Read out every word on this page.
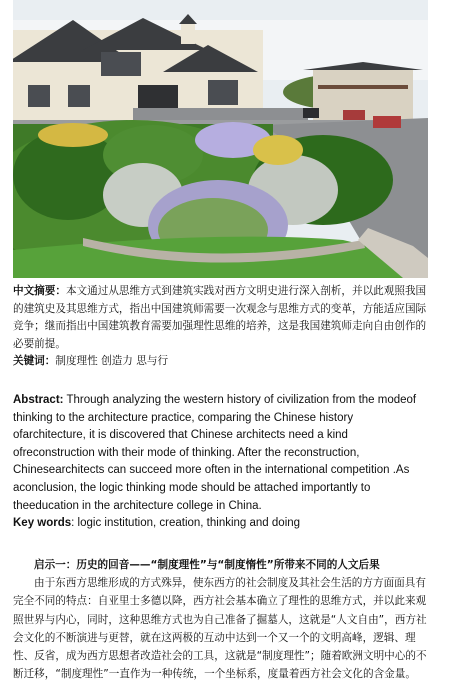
中文摘要：本文通过从思维方式到建筑实践对西方文明史进行深入剖析，并以此观照我国的建筑史及其思维方式，指出中国建筑师需要一次观念与思维方式的变革，方能适应国际竞争；继而指出中国建筑教育需要加强理性思维的培养，这是我国建筑师走向自由创作的必要前提。
关键词：制度理性 创造力 思与行
Abstract: Through analyzing the western history of civilization from the modeof thinking to the architecture practice, comparing the Chinese history ofarchitecture, it is discovered that Chinese architects need a kind ofreconstruction with their mode of thinking. After the reconstruction, Chinesearchitects can succeed more often in the international competition .As aconclusion, the logic thinking mode should be attached importantly to theeducation in the architecture college in China.
Key words: logic institution, creation, thinking and doing
启示一：历史的回音——“制度理性”与“制度惰性”所带来不同的人文后果
由于东西方思维形成的方式殊异，使东西方的社会制度及其社会生活的方方面面具有完全不同的特点：自亚里士多德以降，西方社会基本确立了理性的思维方式，并以此来观照世界与内心，同时，这种思维方式也为自己准备了掘墓人，这就是“人文自由”，西方社会文化的不断演进与更替，就在这两极的互动中达到一个又一个的文明高峰，逻辑、理性、反省，成为西方思想者改造社会的工具，这就是“制度理性”；随着欧洲文明中心的不断迁移，“制度理性”一直作为一种传统，一个坐标系，度量着西方社会文化的含金量。
